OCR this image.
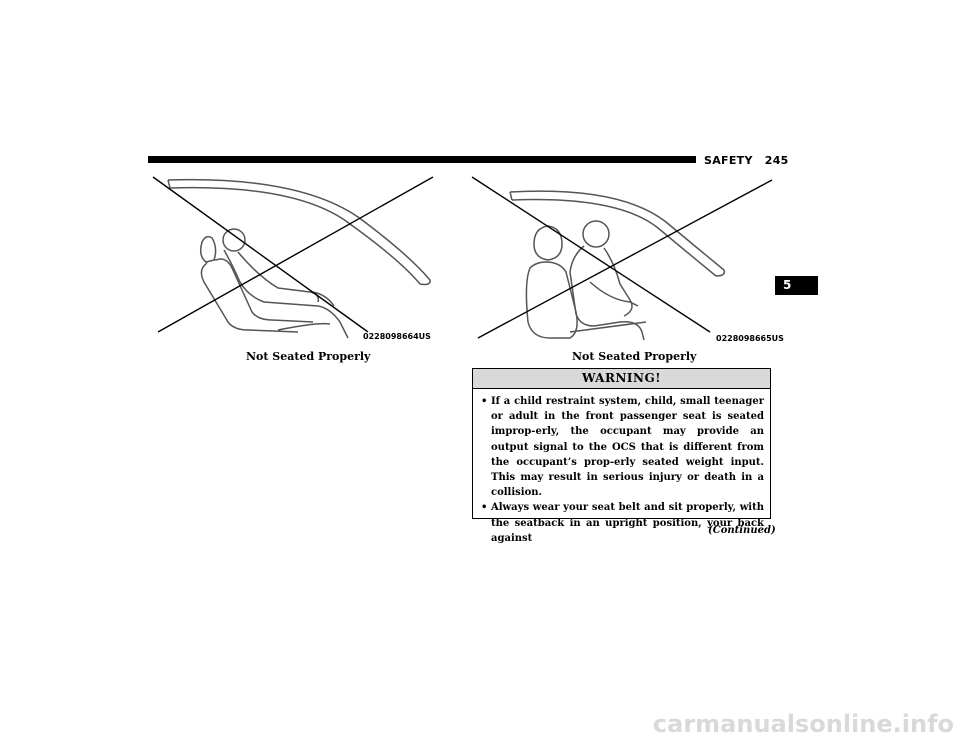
SAFETY 245
5
0228098664US
Not Seated Properly
0228098665US
Not Seated Properly
WARNING!
• If a child restraint system, child, small teenager or adult in the front passenger seat is seated improp-erly, the occupant may provide an output signal to the OCS that is different from the occupant’s prop-erly seated weight input. This may result in serious injury or death in a collision.
• Always wear your seat belt and sit properly, with the seatback in an upright position, your back against
(Continued)
carmanualsonline.info
